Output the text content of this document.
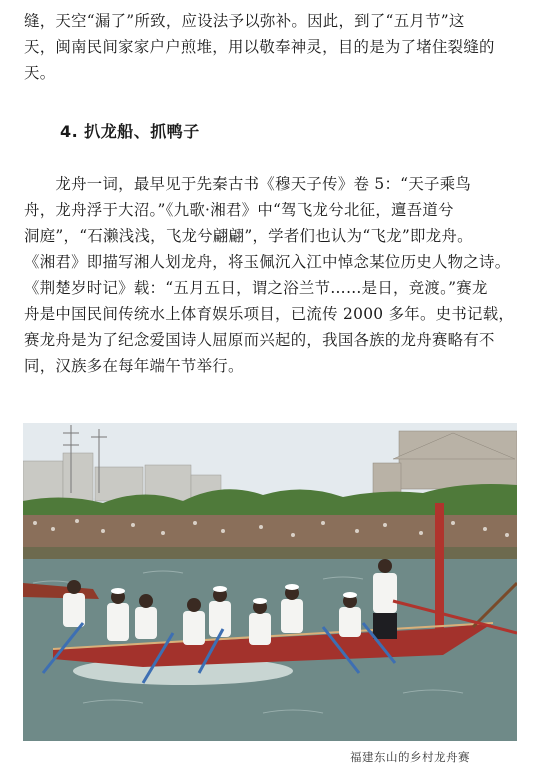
缝，天空“漏了”所致，应设法予以弥补。因此，到了“五月节”这
天，闽南民间家家户户煎堆，用以敬奉神灵，目的是为了堵住裂缝的
天。
4. 扒龙船、抓鸭子
　　龙舟一词，最早见于先秦古书《穆天子传》卷 5：“天子乘鸟
舟，龙舟浮于大沼。”《九歌·湘君》中“驾飞龙兮北征，邅吾道兮
洞庭”，“石濑浅浅，飞龙兮翩翩”，学者们也认为“飞龙”即龙舟。
《湘君》即描写湘人划龙舟，将玉佩沉入江中悼念某位历史人物之诗。
《荆楚岁时记》载：“五月五日，谓之浴兰节……是日，竞渡。”赛龙
舟是中国民间传统水上体育娱乐项目，已流传 2000 多年。史书记载，
赛龙舟是为了纪念爱国诗人屈原而兴起的，我国各族的龙舟赛略有不
同，汉族多在每年端午节举行。
福建东山的乡村龙舟赛
